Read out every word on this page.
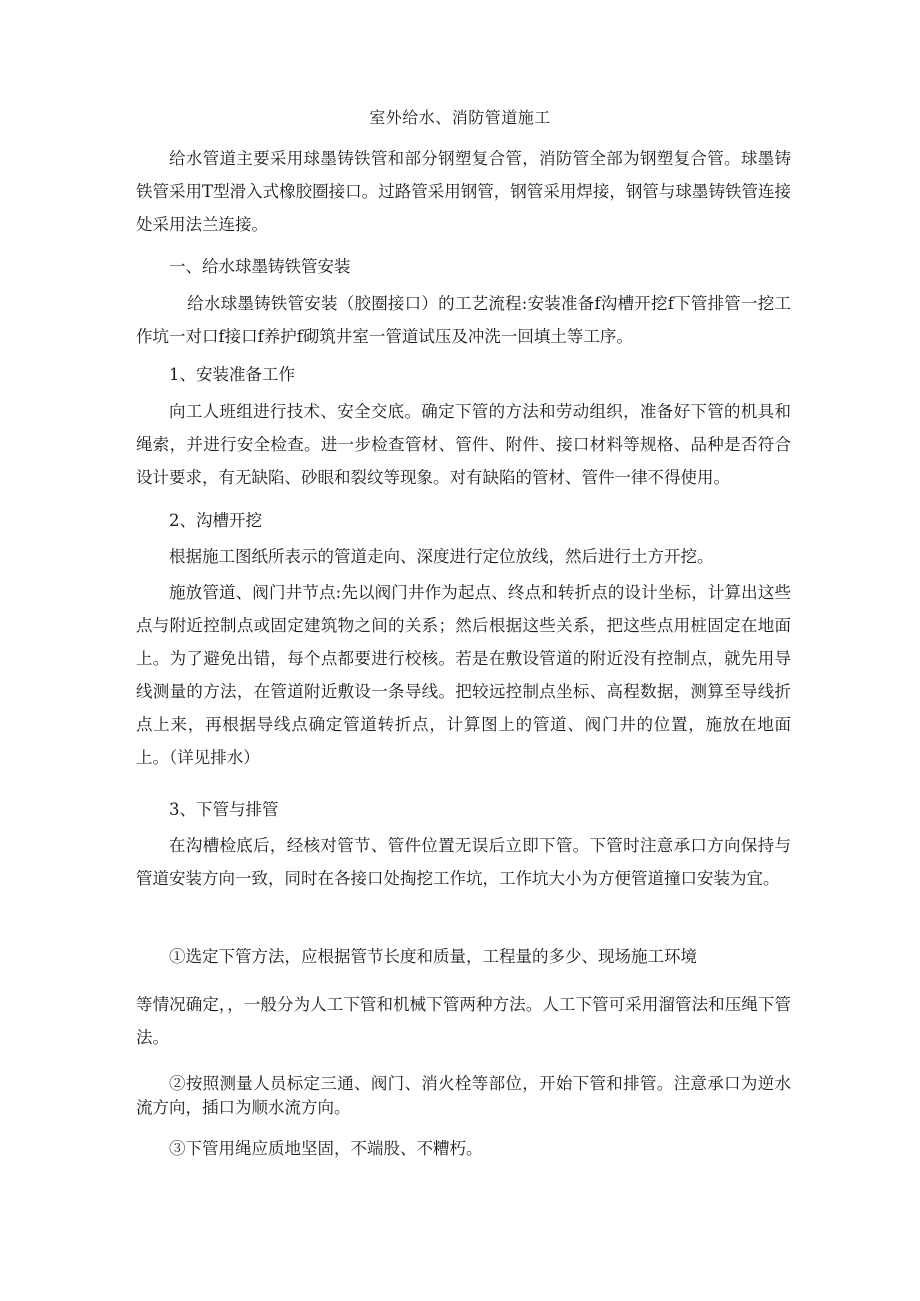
室外给水、消防管道施工

给水管道主要采用球墨铸铁管和部分钢塑复合管，消防管全部为钢塑复合管。球墨铸铁管采用T型滑入式橡胶圈接口。过路管采用钢管，钢管采用焊接，钢管与球墨铸铁管连接处采用法兰连接。

一、给水球墨铸铁管安装

给水球墨铸铁管安装（胶圈接口）的工艺流程:安装准备f沟槽开挖f下管排管一挖工作坑一对口f接口f养护f砌筑井室一管道试压及冲洗一回填土等工序。

1、安装准备工作

向工人班组进行技术、安全交底。确定下管的方法和劳动组织，准备好下管的机具和绳索，并进行安全检查。进一步检查管材、管件、附件、接口材料等规格、品种是否符合设计要求，有无缺陷、砂眼和裂纹等现象。对有缺陷的管材、管件一律不得使用。

2、沟槽开挖

根据施工图纸所表示的管道走向、深度进行定位放线，然后进行土方开挖。

施放管道、阀门井节点:先以阀门井作为起点、终点和转折点的设计坐标，计算出这些点与附近控制点或固定建筑物之间的关系；然后根据这些关系，把这些点用桩固定在地面上。为了避免出错，每个点都要进行校核。若是在敷设管道的附近没有控制点，就先用导线测量的方法，在管道附近敷设一条导线。把较远控制点坐标、高程数据，测算至导线折点上来，再根据导线点确定管道转折点，计算图上的管道、阀门井的位置，施放在地面上。（详见排水）

3、下管与排管

在沟槽检底后，经核对管节、管件位置无误后立即下管。下管时注意承口方向保持与管道安装方向一致，同时在各接口处掏挖工作坑，工作坑大小为方便管道撞口安装为宜。

①选定下管方法，应根据管节长度和质量，工程量的多少、现场施工环境

等情况确定，，一般分为人工下管和机械下管两种方法。人工下管可采用溜管法和压绳下管法。

②按照测量人员标定三通、阀门、消火栓等部位，开始下管和排管。注意承口为逆水流方向，插口为顺水流方向。

③下管用绳应质地坚固，不端股、不糟朽。
